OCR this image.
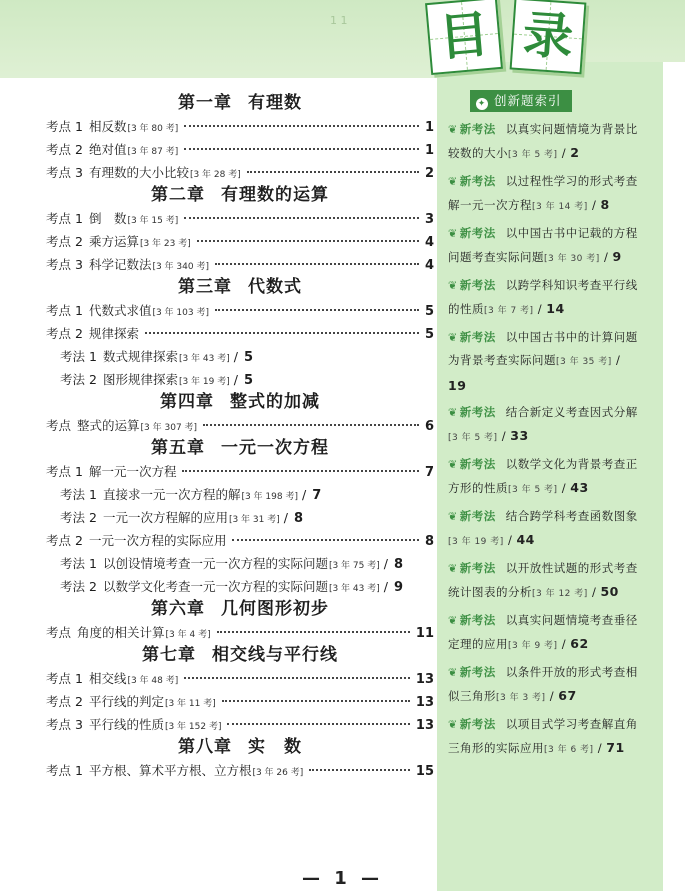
1 1 目 录
第一章 有理数
考点 1 相反数[3 年 80 考]	1
考点 2 绝对值[3 年 87 考]	1
考点 3 有理数的大小比较[3 年 28 考]	2
第二章 有理数的运算
考点 1 倒　数[3 年 15 考]	3
考点 2 乘方运算[3 年 23 考]	4
考点 3 科学记数法[3 年 340 考]	4
第三章 代数式
考点 1 代数式求值[3 年 103 考]	5
考点 2 规律探索	5
考法 1 数式规律探索[3 年 43 考] / 5
考法 2 图形规律探索[3 年 19 考] / 5
第四章 整式的加减
考点 整式的运算[3 年 307 考]	6
第五章 一元一次方程
考点 1 解一元一次方程	7
考法 1 直接求一元一次方程的解[3 年 198 考] / 7
考法 2 一元一次方程解的应用[3 年 31 考] / 8
考点 2 一元一次方程的实际应用	8
考法 1 以创设情境考查一元一次方程的实际问题[3 年 75 考] / 8
考法 2 以数学文化考查一元一次方程的实际问题[3 年 43 考] / 9
第六章 几何图形初步
考点 角度的相关计算[3 年 4 考]	11
第七章 相交线与平行线
考点 1 相交线[3 年 48 考]	13
考点 2 平行线的判定[3 年 11 考]	13
考点 3 平行线的性质[3 年 152 考]	13
第八章 实　数
考点 1 平方根、算术平方根、立方根[3 年 26 考]	15
✦ 创新题索引
❦ 新考法 以真实问题情境为背景比较数的大小[3 年 5 考] / 2
❦ 新考法 以过程性学习的形式考查解一元一次方程[3 年 14 考] / 8
❦ 新考法 以中国古书中记载的方程问题考查实际问题[3 年 30 考] / 9
❦ 新考法 以跨学科知识考查平行线的性质[3 年 7 考] / 14
❦ 新考法 以中国古书中的计算问题为背景考查实际问题[3 年 35 考] / 19
❦ 新考法 结合新定义考查因式分解[3 年 5 考] / 33
❦ 新考法 以数学文化为背景考查正方形的性质[3 年 5 考] / 43
❦ 新考法 结合跨学科考查函数图象[3 年 19 考] / 44
❦ 新考法 以开放性试题的形式考查统计图表的分析[3 年 12 考] / 50
❦ 新考法 以真实问题情境考查垂径定理的应用[3 年 9 考] / 62
❦ 新考法 以条件开放的形式考查相似三角形[3 年 3 考] / 67
❦ 新考法 以项目式学习考查解直角三角形的实际应用[3 年 6 考] / 71
— 1 —
